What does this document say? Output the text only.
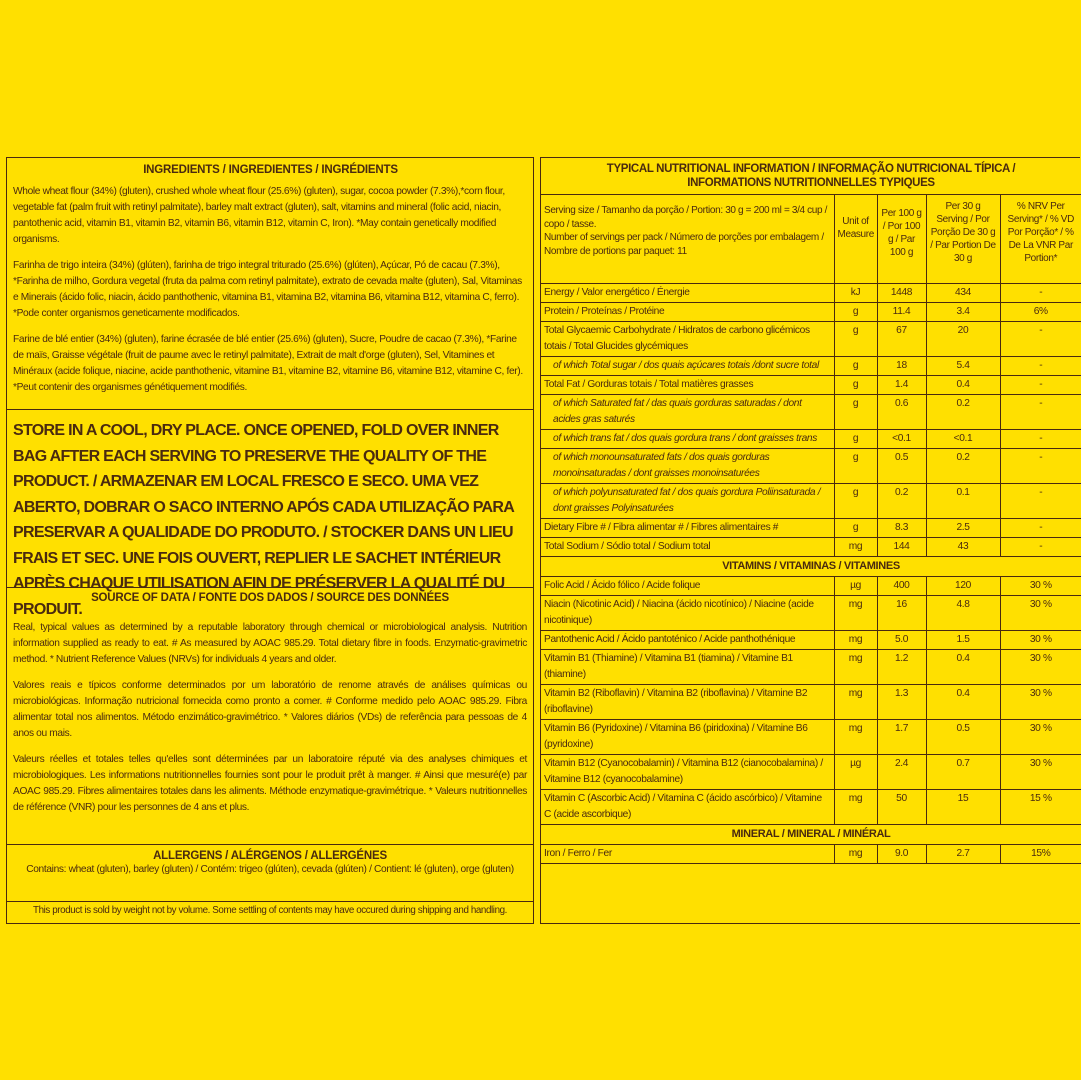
INGREDIENTS / INGREDIENTES / INGRÉDIENTS
Whole wheat flour (34%) (gluten), crushed whole wheat flour (25.6%) (gluten), sugar, cocoa powder (7.3%),*corn flour, vegetable fat (palm fruit with retinyl palmitate), barley malt extract (gluten), salt, vitamins and mineral (folic acid, niacin, pantothenic acid, vitamin B1, vitamin B2, vitamin B6, vitamin B12, vitamin C, Iron). *May contain genetically modified organisms.
Farinha de trigo inteira (34%) (glúten), farinha de trigo integral triturado (25.6%) (glúten), Açúcar, Pó de cacau (7.3%), *Farinha de milho, Gordura vegetal (fruta da palma com retinyl palmitate), extrato de cevada malte (gluten), Sal, Vitaminas e Minerais (ácido folic, niacin, ácido panthothenic, vitamina B1, vitamina B2, vitamina B6, vitamina B12, vitamina C, ferro). *Pode conter organismos geneticamente modificados.
Farine de blé entier (34%) (gluten), farine écrasée de blé entier (25.6%) (gluten), Sucre, Poudre de cacao (7.3%), *Farine de maïs, Graisse végétale (fruit de paume avec le retinyl palmitate), Extrait de malt d'orge (gluten), Sel, Vitamines et Minéraux (acide folique, niacine, acide panthothenic, vitamine B1, vitamine B2, vitamine B6, vitamine B12, vitamine C, fer). *Peut contenir des organismes génétiquement modifiés.
STORE IN A COOL, DRY PLACE. ONCE OPENED, FOLD OVER INNER BAG AFTER EACH SERVING TO PRESERVE THE QUALITY OF THE PRODUCT. / ARMAZENAR EM LOCAL FRESCO E SECO. UMA VEZ ABERTO, DOBRAR O SACO INTERNO APÓS CADA UTILIZAÇÃO PARA PRESERVAR A QUALIDADE DO PRODUTO. / STOCKER DANS UN LIEU FRAIS ET SEC. UNE FOIS OUVERT, REPLIER LE SACHET INTÉRIEUR APRÈS CHAQUE UTILISATION AFIN DE PRÉSERVER LA QUALITÉ DU PRODUIT.
SOURCE OF DATA / FONTE DOS DADOS / SOURCE DES DONNÉES
Real, typical values as determined by a reputable laboratory through chemical or microbiological analysis. Nutrition information supplied as ready to eat. # As measured by AOAC 985.29. Total dietary fibre in foods. Enzymatic-gravimetric method. * Nutrient Reference Values (NRVs) for individuals 4 years and older.
Valores reais e típicos conforme determinados por um laboratório de renome através de análises químicas ou microbiológicas. Informação nutricional fornecida como pronto a comer. # Conforme medido pelo AOAC 985.29. Fibra alimentar total nos alimentos. Método enzimático-gravimétrico. * Valores diários (VDs) de referência para pessoas de 4 anos ou mais.
Valeurs réelles et totales telles qu'elles sont déterminées par un laboratoire réputé via des analyses chimiques et microbiologiques. Les informations nutritionnelles fournies sont pour le produit prêt à manger. # Ainsi que mesuré(e) par AOAC 985.29. Fibres alimentaires totales dans les aliments. Méthode enzymatique-gravimétrique. * Valeurs nutritionnelles de référence (VNR) pour les personnes de 4 ans et plus.
ALLERGENS / ALÉRGENOS / ALLERGÉNES
Contains: wheat (gluten), barley (gluten) / Contém: trigeo (glúten), cevada (glúten) / Contient: lé (gluten), orge (gluten)
This product is sold by weight not by volume. Some settling of contents may have occured during shipping and handling.
TYPICAL NUTRITIONAL INFORMATION / INFORMAÇÃO NUTRICIONAL TÍPICA / INFORMATIONS NUTRITIONNELLES TYPIQUES				
Serving size / Tamanho da porção / Portion: 30 g = 200 ml = 3/4 cup / copo / tasse.
Number of servings per pack / Número de porções por embalagem / Nombre de portions par paquet: 11	Unit of Measure	Per 100 g / Por 100 g / Par 100 g	Per 30 g Serving / Por Porção De 30 g / Par Portion De 30 g	% NRV Per Serving* / % VD Por Porção* / % De La VNR Par Portion*
Energy / Valor energético / Énergie	kJ	1448	434	-
Protein / Proteínas / Protéine	g	11.4	3.4	6%
Total Glycaemic Carbohydrate / Hidratos de carbono glicémicos totais / Total Glucides glycémiques	g	67	20	-
of which Total sugar / dos quais açúcares totais /dont sucre total	g	18	5.4	-
Total Fat / Gorduras totais / Total matières grasses	g	1.4	0.4	-
of which Saturated fat / das quais gorduras saturadas / dont acides gras saturés	g	0.6	0.2	-
of which trans fat / dos quais gordura trans / dont graisses trans	g	<0.1	<0.1	-
of which monounsaturated fats / dos quais gorduras monoinsaturadas / dont graisses monoinsaturées	g	0.5	0.2	-
of which polyunsaturated fat / dos quais gordura Poliinsaturada / dont graisses Polyinsaturées	g	0.2	0.1	-
Dietary Fibre # / Fibra alimentar # / Fibres alimentaires #	g	8.3	2.5	-
Total Sodium / Sódio total / Sodium total	mg	144	43	-
VITAMINS / VITAMINAS / VITAMINES				
Folic Acid / Ácido fólico / Acide folique	µg	400	120	30 %
Niacin (Nicotinic Acid) / Niacina (ácido nicotínico) / Niacine (acide nicotinique)	mg	16	4.8	30 %
Pantothenic Acid / Ácido pantoténico / Acide panthothénique	mg	5.0	1.5	30 %
Vitamin B1 (Thiamine) / Vitamina B1 (tiamina) / Vitamine B1 (thiamine)	mg	1.2	0.4	30 %
Vitamin B2 (Riboflavin) / Vitamina B2 (riboflavina) / Vitamine B2 (riboflavine)	mg	1.3	0.4	30 %
Vitamin B6 (Pyridoxine) / Vitamina B6 (piridoxina) / Vitamine B6 (pyridoxine)	mg	1.7	0.5	30 %
Vitamin B12 (Cyanocobalamin) / Vitamina B12 (cianocobalamina) / Vitamine B12 (cyanocobalamine)	µg	2.4	0.7	30 %
Vitamin C (Ascorbic Acid) / Vitamina C (ácido ascórbico) / Vitamine C (acide ascorbique)	mg	50	15	15 %
MINERAL / MINERAL / MINÉRAL				
Iron / Ferro / Fer	mg	9.0	2.7	15%
